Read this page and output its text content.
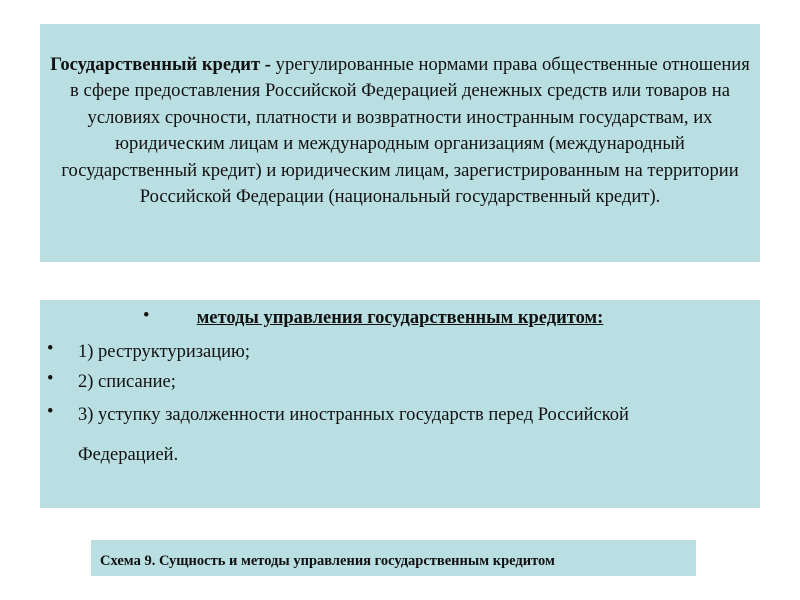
Государственный кредит - урегулированные нормами права общественные отношения в сфере предоставления Российской Федерацией денежных средств или товаров на условиях срочности, платности и возвратности иностранным государствам, их юридическим лицам и международным организациям (международный государственный кредит) и юридическим лицам, зарегистрированным на территории Российской Федерации (национальный государственный кредит).
•	методы управления государственным кредитом:
• 1) реструктуризацию;
• 2) списание;
• 3) уступку задолженности иностранных государств перед Российской
Федерацией.
Схема 9. Сущность и методы управления государственным кредитом
